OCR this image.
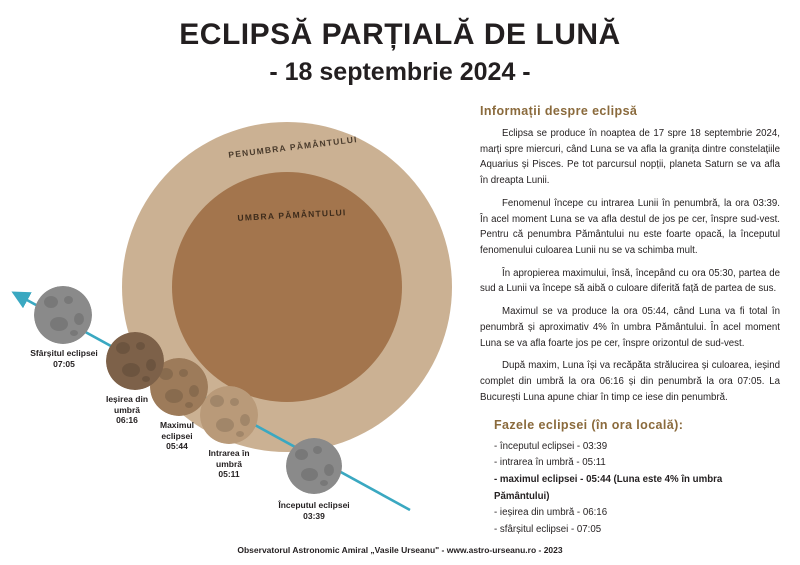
ECLIPSĂ PARȚIALĂ DE LUNĂ
- 18 septembrie 2024 -
PENUMBRA PĂMÂNTULUI
UMBRA PĂMÂNTULUI
Începutul eclipsei
03:39
Intrarea în
umbră
05:11
Maximul
eclipsei
05:44
Ieșirea din
umbră
06:16
Sfârșitul eclipsei
07:05
Informații despre eclipsă

Eclipsa se produce în noaptea de 17 spre 18 septembrie 2024, marți spre miercuri, când Luna se va afla la granița dintre constelațiile Aquarius și Pisces. Pe tot parcursul nopții, planeta Saturn se va afla în dreapta Lunii.

Fenomenul începe cu intrarea Lunii în penumbră, la ora 03:39. În acel moment Luna se va afla destul de jos pe cer, înspre sud-vest. Pentru că penumbra Pământului nu este foarte opacă, la începutul fenomenului culoarea Lunii nu se va schimba mult.

În apropierea maximului, însă, începând cu ora 05:30, partea de sud a Lunii va începe să aibă o culoare diferită față de partea de sus.

Maximul se va produce la ora 05:44, când Luna va fi total în penumbră și aproximativ 4% în umbra Pământului. În acel moment Luna se va afla foarte jos pe cer, înspre orizontul de sud-vest.

După maxim, Luna își va recăpăta strălucirea și culoarea, ieșind complet din umbră la ora 06:16 și din penumbră la ora 07:05. La București Luna apune chiar în timp ce iese din penumbră.

Fazele eclipsei (în ora locală):
- începutul eclipsei - 03:39
- intrarea în umbră - 05:11
- maximul eclipsei - 05:44 (Luna este 4% în umbra Pământului)
- ieșirea din umbră - 06:16
- sfârșitul eclipsei - 07:05
Observatorul Astronomic Amiral „Vasile Urseanu" - www.astro-urseanu.ro - 2023
